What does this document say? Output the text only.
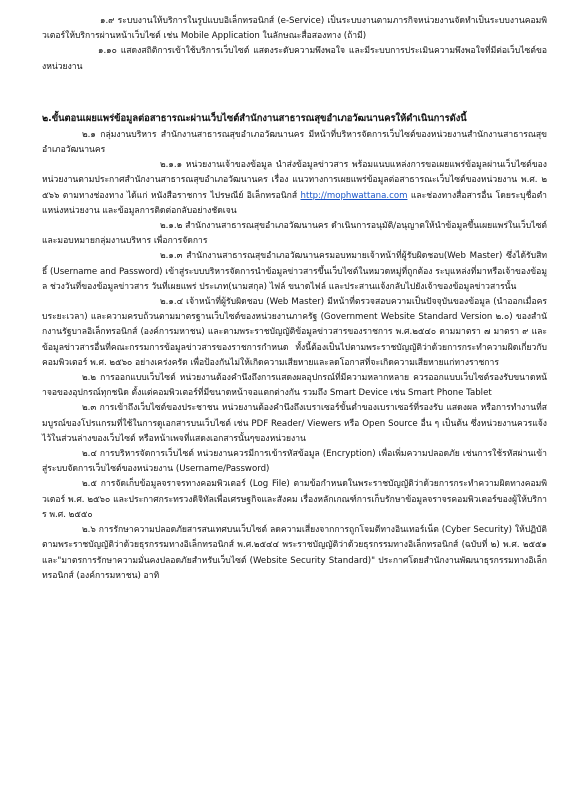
๑.๙ ระบบงานให้บริการในรูปแบบอิเล็กทรอนิกส์ (e-Service) เป็นระบบงานตามภารกิจหน่วยงานจัดทำเป็นระบบงานคอมพิวเตอร์ให้บริการผ่านหน้าเว็บไซต์ เช่น Mobile Application ในลักษณะสื่อสองทาง (ถ้ามี)

๑.๑๐ แสดงสถิติการเข้าใช้บริการเว็บไซต์ แสดงระดับความพึงพอใจ และมีระบบการประเมินความพึงพอใจที่มีต่อเว็บไซต์ของหน่วยงาน

๒.ขั้นตอนเผยแพร่ข้อมูลต่อสาธารณะผ่านเว็บไซต์สำนักงานสาธารณสุขอำเภอวัฒนานครให้ดำเนินการดังนี้

๒.๑ กลุ่มงานบริหาร สำนักงานสาธารณสุขอำเภอวัฒนานคร มีหน้าที่บริหารจัดการเว็บไซต์ของหน่วยงานสำนักงานสาธารณสุขอำเภอวัฒนานคร

๒.๑.๑ หน่วยงานเจ้าของข้อมูล นำส่งข้อมูลข่าวสาร พร้อมแนบแหล่งการขอเผยแพร่ข้อมูลผ่านเว็บไซต์ของหน่วยงานตามประกาศสำนักงานสาธารณสุขอำเภอวัฒนานคร เรื่อง แนวทางการเผยแพร่ข้อมูลต่อสาธารณะเว็บไซต์ของหน่วยงาน พ.ศ. ๒๕๖๖ ตามทางช่องทาง ได้แก่ หนังสือราชการ ไปรษณีย์ อิเล็กทรอนิกส์ http://mophwattana.com และช่องทางสื่อสารอื่น โดยระบุชื่อตำแหน่งหน่วยงาน และข้อมูลการติดต่อกลับอย่างชัดเจน

๒.๑.๒ สำนักงานสาธารณสุขอำเภอวัฒนานคร ดำเนินการอนุมัติ/อนุญาตให้นำข้อมูลขึ้นเผยแพร่ในเว็บไซต์ และมอบหมายกลุ่มงานบริหาร เพื่อการจัดการ

๒.๑.๓ สำนักงานสาธารณสุขอำเภอวัฒนานครมอบหมายเจ้าหน้าที่ผู้รับผิดชอบ(Web Master) ซึ่งได้รับสิทธิ์ (Username and Password) เข้าสู่ระบบบริหารจัดการนำข้อมูลข่าวสารขึ้นเว็บไซต์ในหมวดหมู่ที่ถูกต้อง ระบุแหล่งที่มาหรือเจ้าของข้อมูล ช่วงวันที่ของข้อมูลข่าวสาร วันที่เผยแพร่ ประเภท(นามสกุล) ไฟล์ ขนาดไฟล์ และประสานแจ้งกลับไปยังเจ้าของข้อมูลข่าวสารนั้น

๒.๑.๔ เจ้าหน้าที่ผู้รับผิดชอบ (Web Master) มีหน้าที่ตรวจสอบความเป็นปัจจุบันของข้อมูล (นำออกเมื่อครบระยะเวลา) และความครบถ้วนตามมาตรฐานเว็บไซต์ของหน่วยงานภาครัฐ (Government Website Standard Version ๒.๐) ของสำนักงานรัฐบาลอิเล็กทรอนิกส์ (องค์การมหาชน) และตามพระราชบัญญัติข้อมูลข่าวสารของราชการ พ.ศ.๒๕๔๐ ตามมาตรา ๗ มาตรา ๙ และข้อมูลข่าวสารอื่นที่คณะกรรมการข้อมูลข่าวสารของราชการกำหนด ทั้งนี้ต้องเป็นไปตามพระราชบัญญัติว่าด้วยการกระทำความผิดเกี่ยวกับคอมพิวเตอร์ พ.ศ. ๒๕๖๐ อย่างเคร่งครัด เพื่อป้องกันไม่ให้เกิดความเสียหายและลดโอกาสที่จะเกิดความเสียหายแก่ทางราชการ

๒.๒ การออกแบบเว็บไซต์ หน่วยงานต้องคำนึงถึงการแสดงผลอุปกรณ์ที่มีความหลากหลาย ควรออกแบบเว็บไซต์รองรับขนาดหน้าจอของอุปกรณ์ทุกชนิด ตั้งแต่คอมพิวเตอร์ที่มีขนาดหน้าจอแตกต่างกัน รวมถึง Smart Device เช่น Smart Phone Tablet

๒.๓ การเข้าถึงเว็บไซต์ของประชาชน หน่วยงานต้องคำนึงถึงเบราเซอร์ขั้นต่ำของเบราเซอร์ที่รองรับ แสดงผล หรือการทำงานที่สมบูรณ์ของโปรแกรมที่ใช้ในการดูเอกสารบนเว็บไซต์ เช่น PDF Reader/ Viewers หรือ Open Source อื่น ๆ เป็นต้น ซึ่งหน่วยงานควรแจ้งไว้ในส่วนล่างของเว็บไซต์ หรือหน้าเพจที่แสดงเอกสารนั้นๆของหน่วยงาน

๒.๔ การบริหารจัดการเว็บไซต์ หน่วยงานควรมีการเข้ารหัสข้อมูล (Encryption) เพื่อเพิ่มความปลอดภัย เช่นการใช้รหัสผ่านเข้าสู่ระบบจัดการเว็บไซต์ของหน่วยงาน (Username/Password)

๒.๕ การจัดเก็บข้อมูลจราจรทางคอมพิวเตอร์ (Log File) ตามข้อกำหนดในพระราชบัญญัติว่าด้วยการกระทำความผิดทางคอมพิวเตอร์ พ.ศ. ๒๕๖๐ และประกาศกระทรวงดิจิทัลเพื่อเศรษฐกิจและสังคม เรื่องหลักเกณฑ์การเก็บรักษาข้อมูลจราจรคอมพิวเตอร์ของผู้ให้บริการ พ.ศ. ๒๕๕๐

๒.๖ การรักษาความปลอดภัยสารสนเทศบนเว็บไซต์ ลดความเสี่ยงจากการถูกโจมตีทางอินเทอร์เน็ต (Cyber Security) ให้ปฏิบัติตามพระราชบัญญัติว่าด้วยธุรกรรมทางอิเล็กทรอนิกส์ พ.ศ.๒๕๔๔ พระราชบัญญัติว่าด้วยธุรกรรมทางอิเล็กทรอนิกส์ (ฉบับที่ ๒) พ.ศ. ๒๕๕๑ และ"มาตรการรักษาความมั่นคงปลอดภัยสำหรับเว็บไซต์ (Website Security Standard)" ประกาศโดยสำนักงานพัฒนาธุรกรรมทางอิเล็กทรอนิกส์ (องค์การมหาชน) อาทิ
